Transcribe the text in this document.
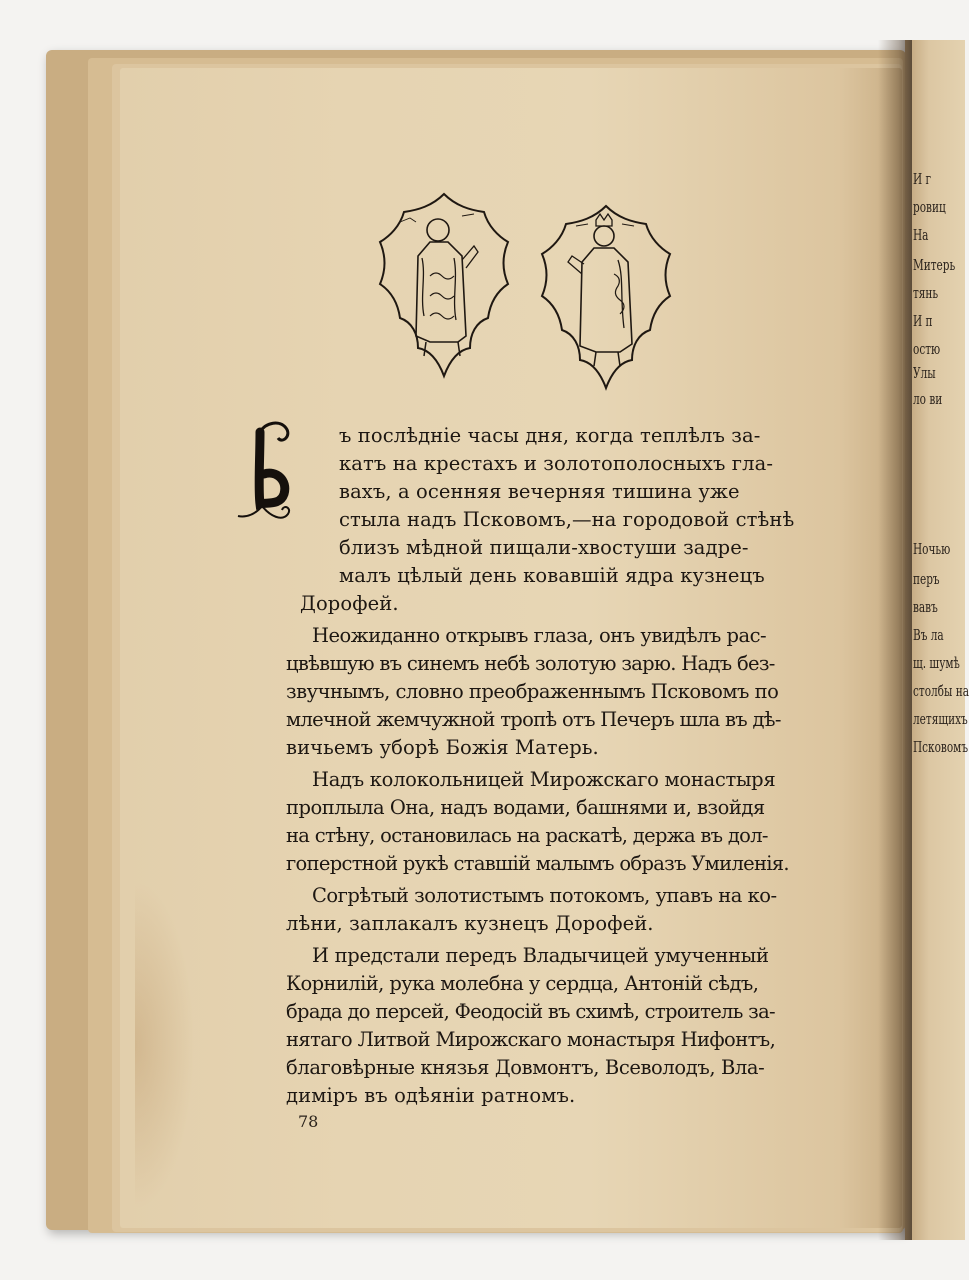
И г
ровиц
На
Митерь
тянь
И п
остю
Улы
ло ви
Ночью
перъ
вавъ
Въ ла
щ. шумѣ
столбы на
летящихъ
Псковомъ

ъ послѣдніе часы дня, когда теплѣлъ за-

катъ на крестахъ и золотополосныхъ гла-

вахъ, а осенняя вечерняя тишина уже

стыла надъ Псковомъ,—на городовой стѣнѣ

близъ мѣдной пищали-хвостуши задре-

малъ цѣлый день ковавшій ядра кузнецъ

Дорофей.

Неожиданно открывъ глаза, онъ увидѣлъ рас-

цвѣвшую въ синемъ небѣ золотую зарю. Надъ без-

звучнымъ, словно преображеннымъ Псковомъ по

млечной жемчужной тропѣ отъ Печеръ шла въ дѣ-

вичьемъ уборѣ Божія Матерь.

Надъ колокольницей Мирожскаго монастыря

проплыла Она, надъ водами, башнями и, взойдя

на стѣну, остановилась на раскатѣ, держа въ дол-

гоперстной рукѣ ставшій малымъ образъ Умиленія.

Согрѣтый золотистымъ потокомъ, упавъ на ко-

лѣни, заплакалъ кузнецъ Дорофей.

И предстали передъ Владычицей умученный

Корнилій, рука молебна у сердца, Антоній сѣдъ,

брада до персей, Феодосій въ схимѣ, строитель за-

нятаго Литвой Мирожскаго монастыря Нифонтъ,

благовѣрные князья Довмонтъ, Всеволодъ, Вла-

диміръ въ одѣяніи ратномъ.

78
